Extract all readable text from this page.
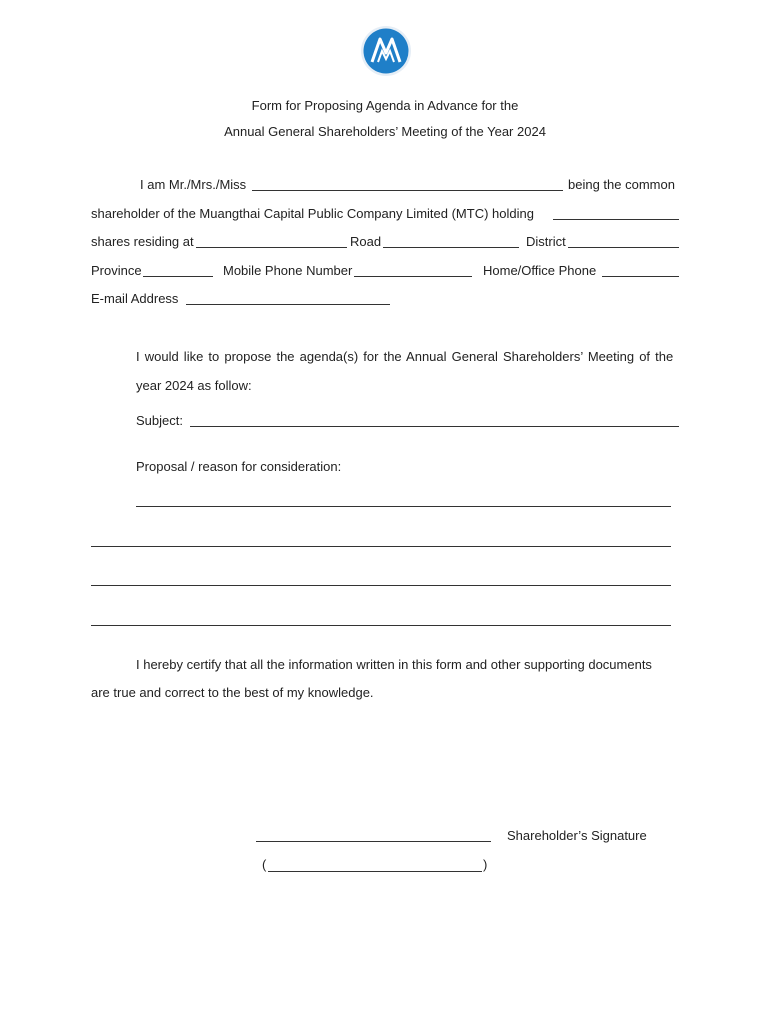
Form for Proposing Agenda in Advance for the
Annual General Shareholders’ Meeting of the Year 2024
I am Mr./Mrs./Miss	being the common
shareholder of the Muangthai Capital Public Company Limited (MTC) holding
shares residing at	Road	District
Province	Mobile Phone Number	Home/Office Phone
E-mail Address
I would like to propose the agenda(s) for the Annual General Shareholders’ Meeting of the
year 2024 as follow:
Subject:
Proposal / reason for consideration:
I hereby certify that all the information written in this form and other supporting documents
are true and correct to the best of my knowledge.
Shareholder’s Signature
(	)
